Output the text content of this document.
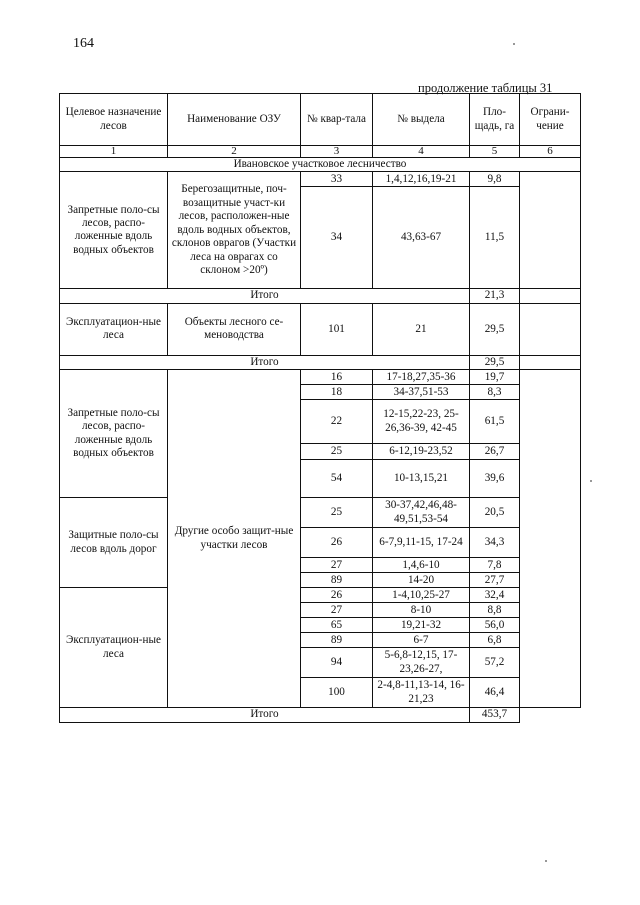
164
продолжение таблицы 31
Целевое назначение лесов	Наименование ОЗУ	№ квар-тала	№ выдела	Пло-щадь, га	Ограни-чение
1	2	3	4	5	6
Ивановское участковое лесничество					
Запретные поло-сы лесов, распо-ложенные вдоль водных объектов	Берегозащитные, поч-возащитные участ-ки лесов, расположен-ные вдоль водных объектов, склонов оврагов (Участки леса на оврагах со склоном >20º)	33	1,4,12,16,19-21	9,8	
		34	43,63-67	11,5	
Итого				21,3	
Эксплуатацион-ные леса	Объекты лесного се-меноводства	101	21	29,5	
Итого				29,5	
Запретные поло-сы лесов, распо-ложенные вдоль водных объектов	Другие особо защит-ные участки лесов	16	17-18,27,35-36	19,7	
		18	34-37,51-53	8,3	
		22	12-15,22-23, 25-26,36-39, 42-45	61,5	
		25	6-12,19-23,52	26,7	
		54	10-13,15,21	39,6	
Защитные поло-сы лесов вдоль дорог		25	30-37,42,46,48-49,51,53-54	20,5	
		26	6-7,9,11-15, 17-24	34,3	
		27	1,4,6-10	7,8	
		89	14-20	27,7	
Эксплуатацион-ные леса		26	1-4,10,25-27	32,4	
		27	8-10	8,8	
		65	19,21-32	56,0	
		89	6-7	6,8	
		94	5-6,8-12,15, 17-23,26-27,	57,2	
		100	2-4,8-11,13-14, 16-21,23	46,4	
Итого				453,7	
